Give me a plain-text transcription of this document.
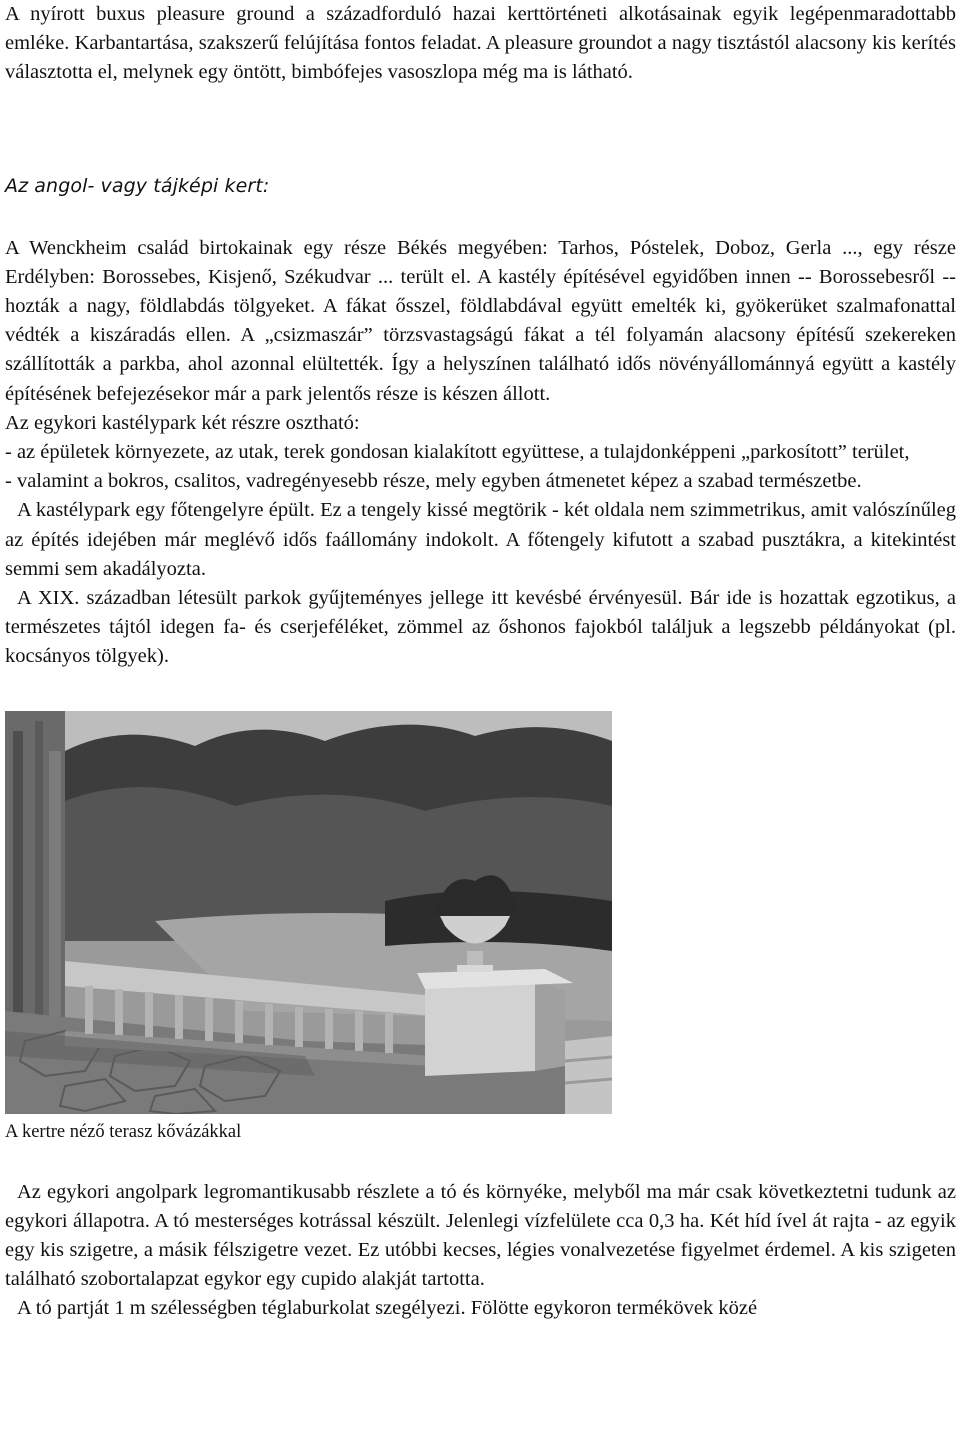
A nyírott buxus pleasure ground a századforduló hazai kerttörténeti alkotásainak egyik legépenmaradottabb emléke. Karbantartása, szakszerű felújítása fontos feladat. A pleasure groundot a nagy tisztástól alacsony kis kerítés választotta el, melynek egy öntött, bimbófejes vasoszlopa még ma is látható.

Az angol- vagy tájképi kert:

A Wenckheim család birtokainak egy része Békés megyében: Tarhos, Póstelek, Doboz, Gerla ..., egy része Erdélyben: Borossebes, Kisjenő, Székudvar ... terült el. A kastély építésével egyidőben innen -- Borossebesről -- hozták a nagy, földlabdás tölgyeket. A fákat ősszel, földlabdával együtt emelték ki, gyökerüket szalmafonattal védték a kiszáradás ellen. A „csizmaszár” törzsvastagságú fákat a tél folyamán alacsony építésű szekereken szállították a parkba, ahol azonnal elültették. Így a helyszínen található idős növényállománnyá együtt a kastély építésének befejezésekor már a park jelentős része is készen állott.

Az egykori kastélypark két részre osztható:

- az épületek környezete, az utak, terek gondosan kialakított együttese, a tulajdonképpeni „parkosított” terület,

- valamint a bokros, csalitos, vadregényesebb része, mely egyben átmenetet képez a szabad természetbe.

A kastélypark egy főtengelyre épült. Ez a tengely kissé megtörik - két oldala nem szimmetrikus, amit valószínűleg az építés idejében már meglévő idős faállomány indokolt. A főtengely kifutott a szabad pusztákra, a kitekintést semmi sem akadályozta.

A XIX. században létesült parkok gyűjteményes jellege itt kevésbé érvényesül. Bár ide is hozattak egzotikus, a természetes tájtól idegen fa- és cserjeféléket, zömmel az őshonos fajokból találjuk a legszebb példányokat (pl. kocsányos tölgyek).

A kertre néző terasz kővázákkal

Az egykori angolpark legromantikusabb részlete a tó és környéke, melyből ma már csak következtetni tudunk az egykori állapotra. A tó mesterséges kotrással készült. Jelenlegi vízfelülete cca 0,3 ha. Két híd ível át rajta - az egyik egy kis szigetre, a másik félszigetre vezet. Ez utóbbi kecses, légies vonalvezetése figyelmet érdemel. A kis szigeten található szobortalapzat egykor egy cupido alakját tartotta.

A tó partját 1 m szélességben téglaburkolat szegélyezi. Fölötte egykoron termékövek közé
